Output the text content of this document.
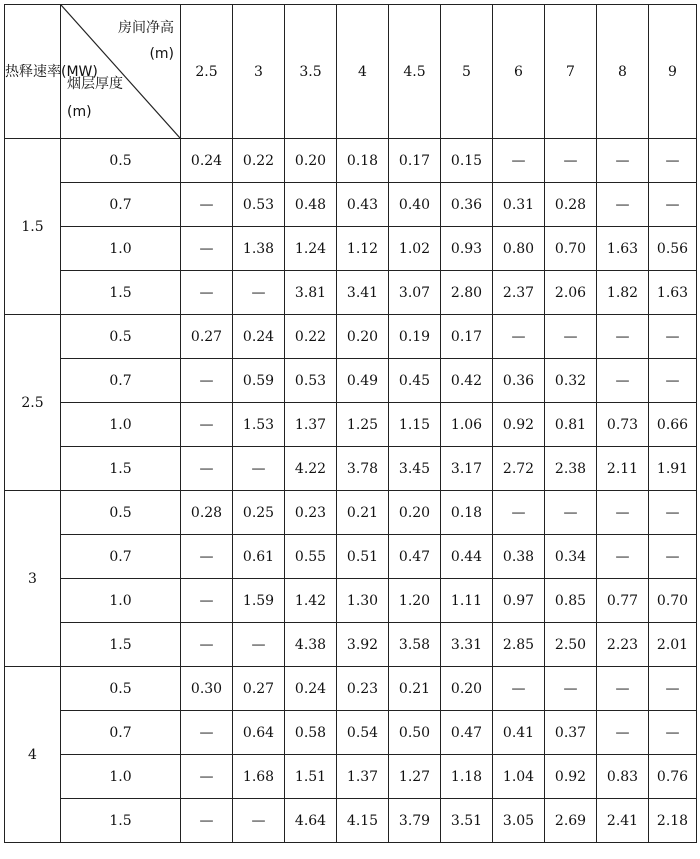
热释速率(MW)	房间净高
(m)
烟层厚度(m)	2.5	3	3.5	4	4.5	5	6	7	8	9
1.5	0.5	0.24	0.22	0.20	0.18	0.17	0.15	—	—	—	—
	0.7	—	0.53	0.48	0.43	0.40	0.36	0.31	0.28	—	—
	1.0	—	1.38	1.24	1.12	1.02	0.93	0.80	0.70	1.63	0.56
	1.5	—	—	3.81	3.41	3.07	2.80	2.37	2.06	1.82	1.63
2.5	0.5	0.27	0.24	0.22	0.20	0.19	0.17	—	—	—	—
	0.7	—	0.59	0.53	0.49	0.45	0.42	0.36	0.32	—	—
	1.0	—	1.53	1.37	1.25	1.15	1.06	0.92	0.81	0.73	0.66
	1.5	—	—	4.22	3.78	3.45	3.17	2.72	2.38	2.11	1.91
3	0.5	0.28	0.25	0.23	0.21	0.20	0.18	—	—	—	—
	0.7	—	0.61	0.55	0.51	0.47	0.44	0.38	0.34	—	—
	1.0	—	1.59	1.42	1.30	1.20	1.11	0.97	0.85	0.77	0.70
	1.5	—	—	4.38	3.92	3.58	3.31	2.85	2.50	2.23	2.01
4	0.5	0.30	0.27	0.24	0.23	0.21	0.20	—	—	—	—
	0.7	—	0.64	0.58	0.54	0.50	0.47	0.41	0.37	—	—
	1.0	—	1.68	1.51	1.37	1.27	1.18	1.04	0.92	0.83	0.76
	1.5	—	—	4.64	4.15	3.79	3.51	3.05	2.69	2.41	2.18
